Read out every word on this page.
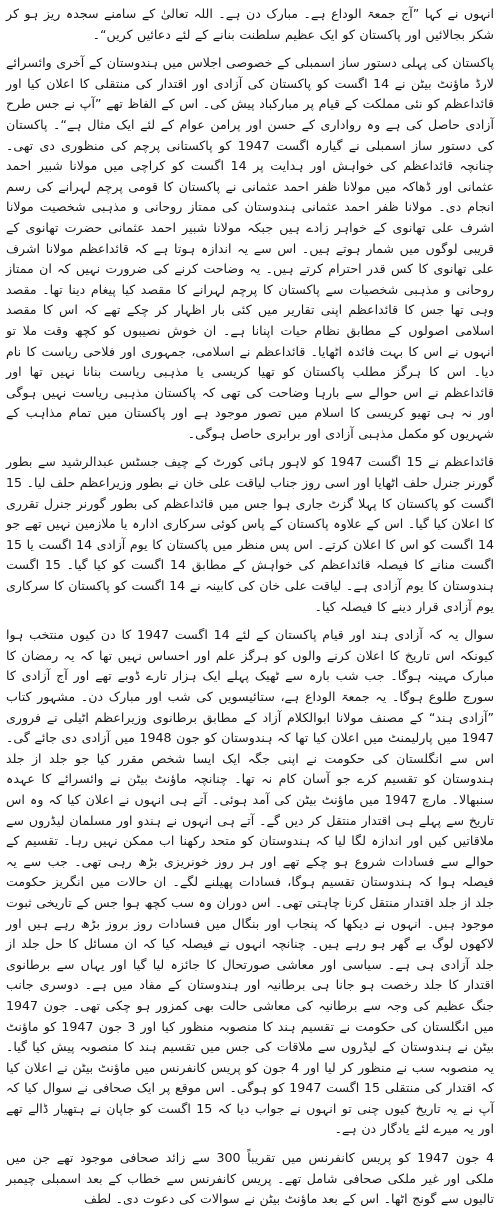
انہوں نے کہا ”آج جمعۃ الوداع ہے۔ مبارک دن ہے۔ اللہ تعالیٰ کے سامنے سجدہ ریز ہو کر شکر بجالائیں اور پاکستان کو ایک عظیم سلطنت بنانے کے لئے دعائیں کریں“۔

پاکستان کی پہلی دستور ساز اسمبلی کے خصوصی اجلاس میں ہندوستان کے آخری وائسرائے لارڈ ماؤنٹ بیٹن نے 14 اگست کو پاکستان کی آزادی اور اقتدار کی منتقلی کا اعلان کیا اور قائداعظم کو نئی مملکت کے قیام پر مبارکباد پیش کی۔ اس کے الفاظ تھے ”آپ نے جس طرح آزادی حاصل کی ہے وہ رواداری کے حسن اور پرامن عوام کے لئے ایک مثال ہے“۔ پاکستان کی دستور ساز اسمبلی نے گیارہ اگست 1947 کو پاکستانی پرچم کی منظوری دی تھی۔ چنانچہ قائداعظم کی خواہش اور ہدایت پر 14 اگست کو کراچی میں مولانا شبیر احمد عثمانی اور ڈھاکہ میں مولانا ظفر احمد عثمانی نے پاکستان کا قومی پرچم لہرانے کی رسم انجام دی۔ مولانا ظفر احمد عثمانی ہندوستان کی ممتاز روحانی و مذہبی شخصیت مولانا اشرف علی تھانوی کے خواہر زادے ہیں جبکہ مولانا شبیر احمد عثمانی حضرت تھانوی کے قریبی لوگوں میں شمار ہوتے ہیں۔ اس سے یہ اندازہ ہوتا ہے کہ قائداعظم مولانا اشرف علی تھانوی کا کس قدر احترام کرتے ہیں۔ یہ وضاحت کرنے کی ضرورت نہیں کہ ان ممتاز روحانی و مذہبی شخصیات سے پاکستان کا پرچم لہرانے کا مقصد کیا پیغام دینا تھا۔ مقصد وہی تھا جس کا قائداعظم اپنی تقاریر میں کئی بار اظہار کر چکے تھے کہ اس کا مقصد اسلامی اصولوں کے مطابق نظام حیات اپنانا ہے۔ ان خوش نصیبوں کو کچھ وقت ملا تو انہوں نے اس کا بہت فائدہ اٹھایا۔ قائداعظم نے اسلامی، جمہوری اور فلاحی ریاست کا نام دیا۔ اس کا ہرگز مطلب پاکستان کو تھیا کریسی یا مذہبی ریاست بنانا نہیں تھا اور قائداعظم نے اس حوالے سے بارہا وضاحت کی تھی کہ پاکستان مذہبی ریاست نہیں ہوگی اور نہ ہی تھیو کریسی کا اسلام میں تصور موجود ہے اور پاکستان میں تمام مذاہب کے شہریوں کو مکمل مذہبی آزادی اور برابری حاصل ہوگی۔

قائداعظم نے 15 اگست 1947 کو لاہور ہائی کورٹ کے چیف جسٹس عبدالرشید سے بطور گورنر جنرل حلف اٹھایا اور اسی روز جناب لیاقت علی خان نے بطور وزیراعظم حلف لیا۔ 15 اگست کو پاکستان کا پہلا گزٹ جاری ہوا جس میں قائداعظم کی بطور گورنر جنرل تقرری کا اعلان کیا گیا۔ اس کے علاوہ پاکستان کے پاس کوئی سرکاری ادارہ یا ملازمین نہیں تھے جو 14 اگست کو اس کا اعلان کرتے۔ اس پس منظر میں پاکستان کا یوم آزادی 14 اگست یا 15 اگست منانے کا فیصلہ قائداعظم کی خواہش کے مطابق 14 اگست کو کیا گیا۔ 15 اگست ہندوستان کا یوم آزادی ہے۔ لیاقت علی خان کی کابینہ نے 14 اگست کو پاکستان کا سرکاری یوم آزادی قرار دینے کا فیصلہ کیا۔

سوال یہ کہ آزادی ہند اور قیام پاکستان کے لئے 14 اگست 1947 کا دن کیوں منتخب ہوا کیونکہ اس تاریخ کا اعلان کرنے والوں کو ہرگز علم اور احساس نہیں تھا کہ یہ رمضان کا مبارک مہینہ ہوگا۔ جب شب بارہ سے ٹھیک پہلے ایک ہزار تارے ڈوبے تھے اور آج آزادی کا سورج طلوع ہوگا۔ یہ جمعۃ الوداع ہے، ستائیسویں کی شب اور مبارک دن۔ مشہور کتاب ”آزادی ہند“ کے مصنف مولانا ابوالکلام آزاد کے مطابق برطانوی وزیراعظم اٹیلی نے فروری 1947 میں پارلیمنٹ میں اعلان کیا تھا کہ ہندوستان کو جون 1948 میں آزادی دی جائے گی۔ اس سے انگلستان کی حکومت نے اپنی جگہ ایک ایسا شخص مقرر کیا جو جلد از جلد ہندوستان کو تقسیم کرے جو آسان کام نہ تھا۔ چنانچہ ماؤنٹ بیٹن نے وائسرائے کا عہدہ سنبھالا۔ مارچ 1947 میں ماؤنٹ بیٹن کی آمد ہوئی۔ آتے ہی انہوں نے اعلان کیا کہ وہ اس تاریخ سے پہلے ہی اقتدار منتقل کر دیں گے۔ آتے ہی انہوں نے ہندو اور مسلمان لیڈروں سے ملاقاتیں کیں اور اندازہ لگا لیا کہ ہندوستان کو متحد رکھنا اب ممکن نہیں رہا۔ تقسیم کے حوالے سے فسادات شروع ہو چکے تھے اور ہر روز خونریزی بڑھ رہی تھی۔ جب سے یہ فیصلہ ہوا کہ ہندوستان تقسیم ہوگا، فسادات پھیلنے لگے۔ ان حالات میں انگریز حکومت جلد از جلد اقتدار منتقل کرنا چاہتی تھی۔ اس دوران وہ سب کچھ ہوا جس کے تاریخی ثبوت موجود ہیں۔ انہوں نے دیکھا کہ پنجاب اور بنگال میں فسادات روز بروز بڑھ رہے ہیں اور لاکھوں لوگ بے گھر ہو رہے ہیں۔ چنانچہ انہوں نے فیصلہ کیا کہ ان مسائل کا حل جلد از جلد آزادی ہی ہے۔ سیاسی اور معاشی صورتحال کا جائزہ لیا گیا اور یہاں سے برطانوی اقتدار کا جلد رخصت ہو جانا ہی برطانیہ اور ہندوستان کے مفاد میں ہے۔ دوسری جانب جنگ عظیم کی وجہ سے برطانیہ کی معاشی حالت بھی کمزور ہو چکی تھی۔ جون 1947 میں انگلستان کی حکومت نے تقسیم ہند کا منصوبہ منظور کیا اور 3 جون 1947 کو ماؤنٹ بیٹن نے ہندوستان کے لیڈروں سے ملاقات کی جس میں تقسیم ہند کا منصوبہ پیش کیا گیا۔ یہ منصوبہ سب نے منظور کر لیا اور 4 جون کو پریس کانفرنس میں ماؤنٹ بیٹن نے اعلان کیا کہ اقتدار کی منتقلی 15 اگست 1947 کو ہوگی۔ اس موقع پر ایک صحافی نے سوال کیا کہ آپ نے یہ تاریخ کیوں چنی تو انہوں نے جواب دیا کہ 15 اگست کو جاپان نے ہتھیار ڈالے تھے اور یہ میرے لئے یادگار دن ہے۔

4 جون 1947 کو پریس کانفرنس میں تقریباً 300 سے زائد صحافی موجود تھے جن میں ملکی اور غیر ملکی صحافی شامل تھے۔ پریس کانفرنس سے خطاب کے بعد اسمبلی چیمبر تالیوں سے گونج اٹھا۔ اس کے بعد ماؤنٹ بیٹن نے سوالات کی دعوت دی۔ لطف
